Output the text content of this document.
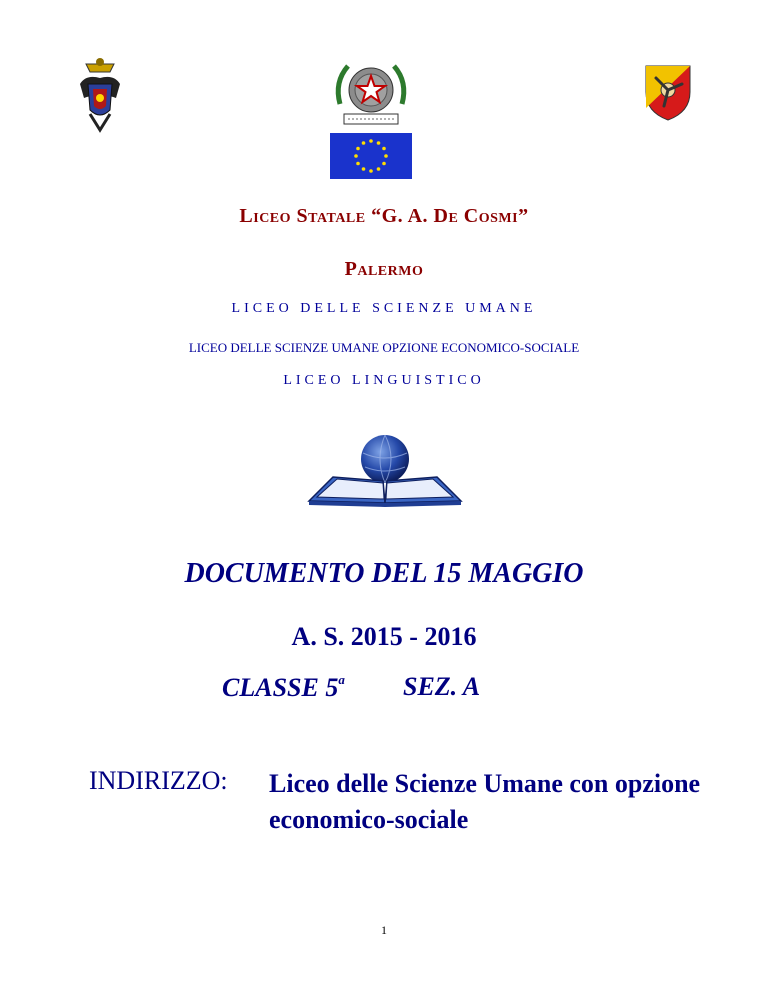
Liceo Statale “G. A. De Cosmi”
Palermo
LICEO DELLE SCIENZE UMANE
LICEO DELLE SCIENZE UMANE OPZIONE ECONOMICO-SOCIALE
LICEO LINGUISTICO
DOCUMENTO DEL 15 MAGGIO
A. S. 2015 - 2016
CLASSE 5$^a$ SEZ. A
INDIRIZZO: Liceo delle Scienze Umane con opzione economico-sociale
1
